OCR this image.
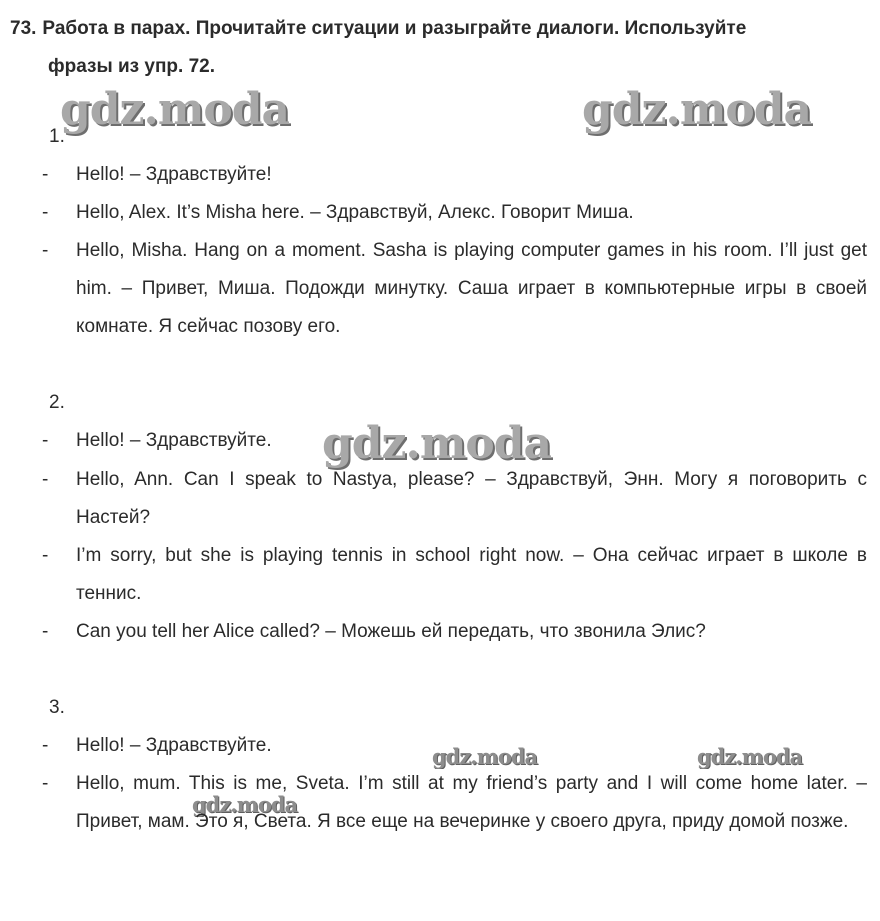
73. Работа в парах. Прочитайте ситуации и разыграйте диалоги. Используйте
фразы из упр. 72.
gdz.moda	gdz.moda
gdz.moda
gdz.moda	gdz.moda
gdz.moda
1.
- Hello! – Здравствуйте!
- Hello, Alex. It’s Misha here. – Здравствуй, Алекс. Говорит Миша.
- Hello, Misha. Hang on a moment. Sasha is playing computer games in his room. I’ll just get him. – Привет, Миша. Подожди минутку. Саша играет в компьютерные игры в своей комнате. Я сейчас позову его.
2.
- Hello! – Здравствуйте.
- Hello, Ann. Can I speak to Nastya, please? – Здравствуй, Энн. Могу я поговорить с Настей?
- I’m sorry, but she is playing tennis in school right now. – Она сейчас играет в школе в теннис.
- Can you tell her Alice called? – Можешь ей передать, что звонила Элис?
3.
- Hello! – Здравствуйте.
- Hello, mum. This is me, Sveta. I’m still at my friend’s party and I will come home later. – Привет, мам. Это я, Света. Я все еще на вечеринке у своего друга, приду домой позже.
